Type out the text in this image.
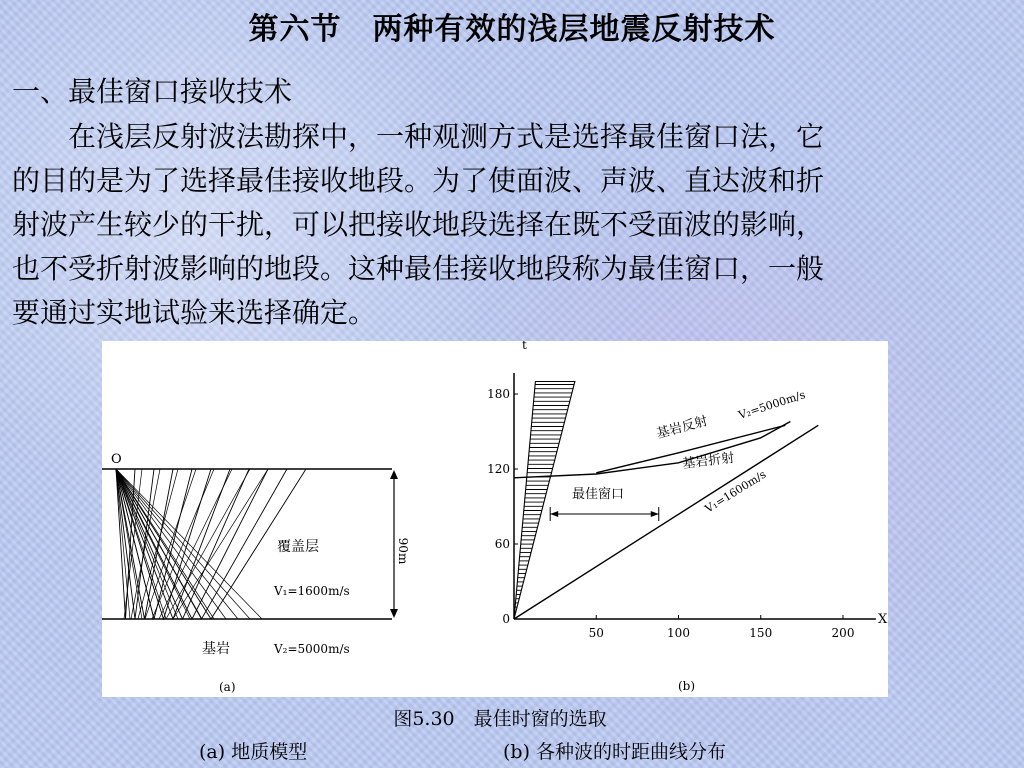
第六节　两种有效的浅层地震反射技术
一、最佳窗口接收技术
　　在浅层反射波法勘探中，一种观测方式是选择最佳窗口法，它
的目的是为了选择最佳接收地段。为了使面波、声波、直达波和折
射波产生较少的干扰，可以把接收地段选择在既不受面波的影响，
也不受折射波影响的地段。这种最佳接收地段称为最佳窗口，一般
要通过实地试验来选择确定。
O
90m
覆盖层
V₁=1600m/s
基岩	V₂=5000m/s
(a)
50	100	150	200
0
60
120
180
t
X
最佳窗口
基岩反射
基岩折射
V₂=5000m/s
V₁=1600m/s
(b)
图5.30　最佳时窗的选取
(a) 地质模型	(b) 各种波的时距曲线分布
